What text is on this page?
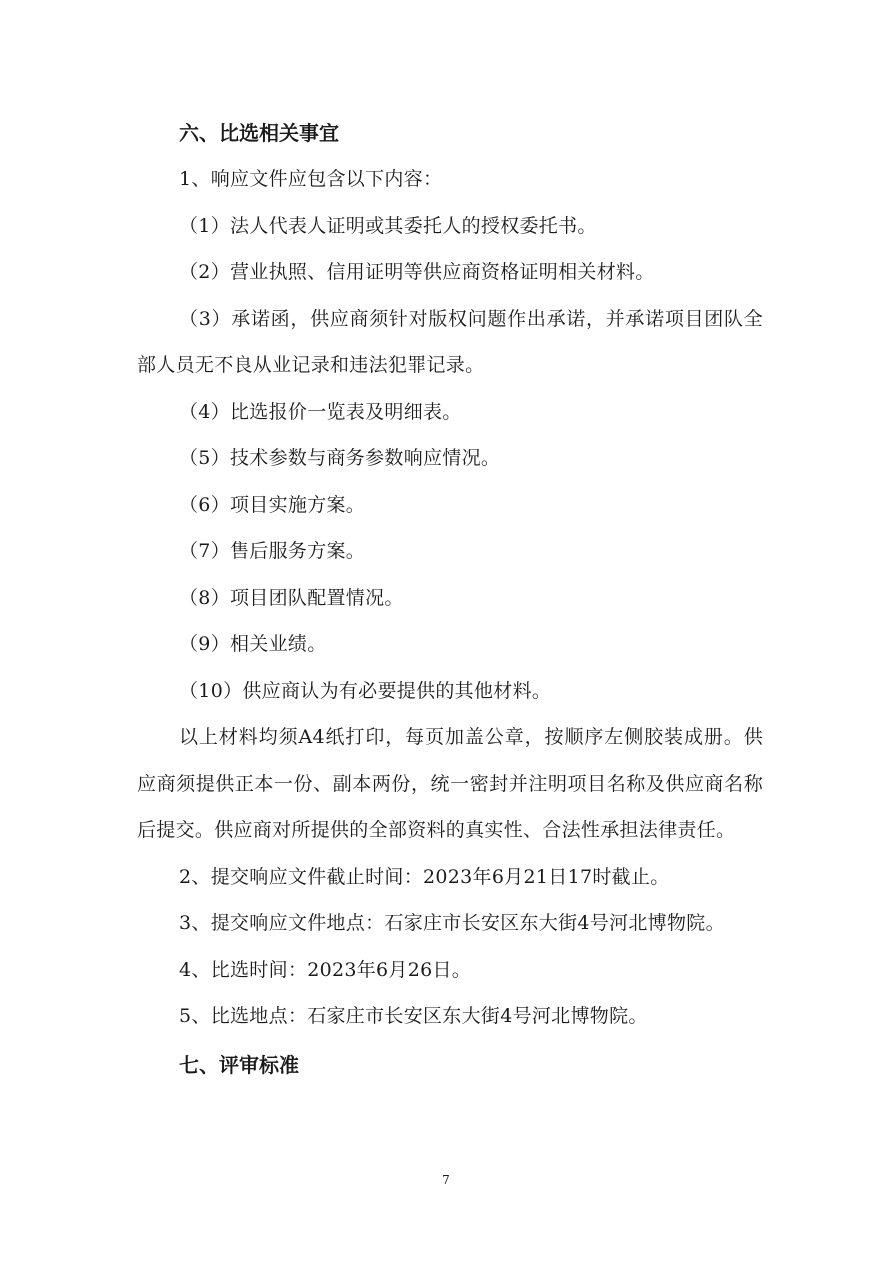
六、比选相关事宜

1、响应文件应包含以下内容：

（1）法人代表人证明或其委托人的授权委托书。

（2）营业执照、信用证明等供应商资格证明相关材料。

（3）承诺函，供应商须针对版权问题作出承诺，并承诺项目团队全部人员无不良从业记录和违法犯罪记录。

（4）比选报价一览表及明细表。

（5）技术参数与商务参数响应情况。

（6）项目实施方案。

（7）售后服务方案。

（8）项目团队配置情况。

（9）相关业绩。

（10）供应商认为有必要提供的其他材料。

以上材料均须A4纸打印，每页加盖公章，按顺序左侧胶装成册。供应商须提供正本一份、副本两份，统一密封并注明项目名称及供应商名称后提交。供应商对所提供的全部资料的真实性、合法性承担法律责任。

2、提交响应文件截止时间：2023年6月21日17时截止。

3、提交响应文件地点：石家庄市长安区东大街4号河北博物院。

4、比选时间：2023年6月26日。

5、比选地点：石家庄市长安区东大街4号河北博物院。

七、评审标准
7
